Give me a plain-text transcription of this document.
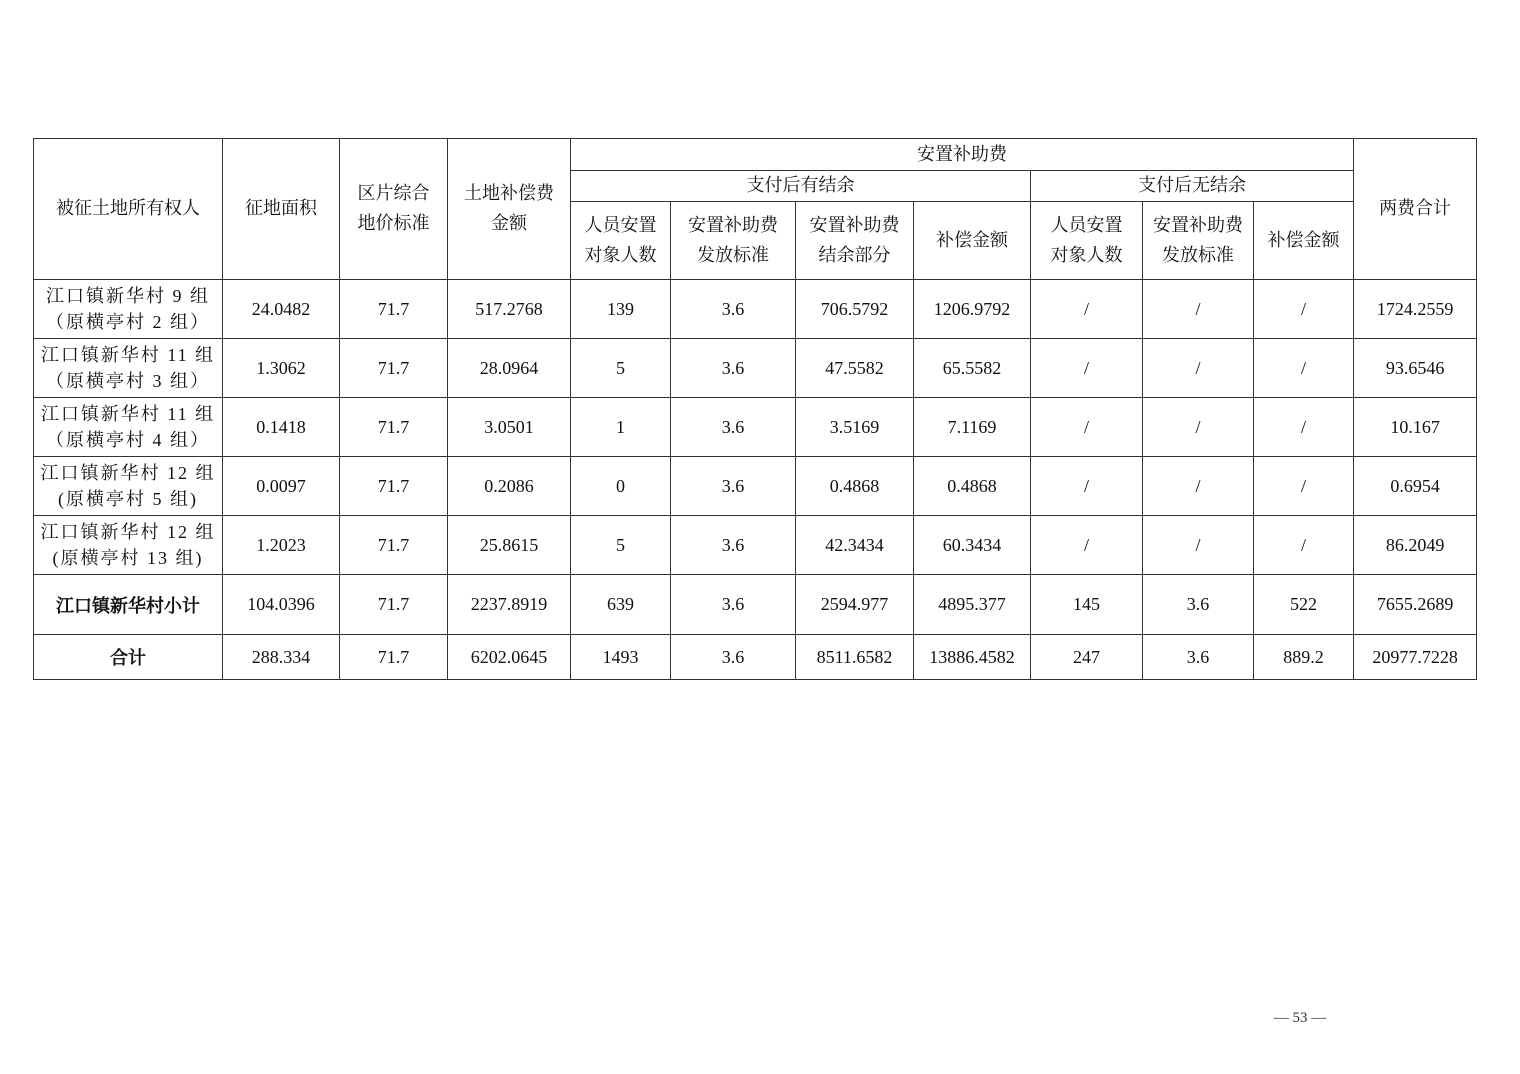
被征土地所有权人	征地面积	区片综合地价标准	土地补偿费金额	安置补助费							两费合计
				支付后有结余				支付后无结余			
				人员安置对象人数	安置补助费发放标准	安置补助费结余部分	补偿金额	人员安置对象人数	安置补助费发放标准	补偿金额	

江口镇新华村 9 组
（原横亭村 2 组）	24.0482	71.7	517.2768	139	3.6	706.5792	1206.9792	/	/	/	1724.2559

江口镇新华村 11 组
（原横亭村 3 组）	1.3062	71.7	28.0964	5	3.6	47.5582	65.5582	/	/	/	93.6546

江口镇新华村 11 组
（原横亭村 4 组）	0.1418	71.7	3.0501	1	3.6	3.5169	7.1169	/	/	/	10.167

江口镇新华村 12 组
(原横亭村 5 组)	0.0097	71.7	0.2086	0	3.6	0.4868	0.4868	/	/	/	0.6954

江口镇新华村 12 组
(原横亭村 13 组)	1.2023	71.7	25.8615	5	3.6	42.3434	60.3434	/	/	/	86.2049
江口镇新华村小计	104.0396	71.7	2237.8919	639	3.6	2594.977	4895.377	145	3.6	522	7655.2689
合计	288.334	71.7	6202.0645	1493	3.6	8511.6582	13886.4582	247	3.6	889.2	20977.7228
— 53 —
